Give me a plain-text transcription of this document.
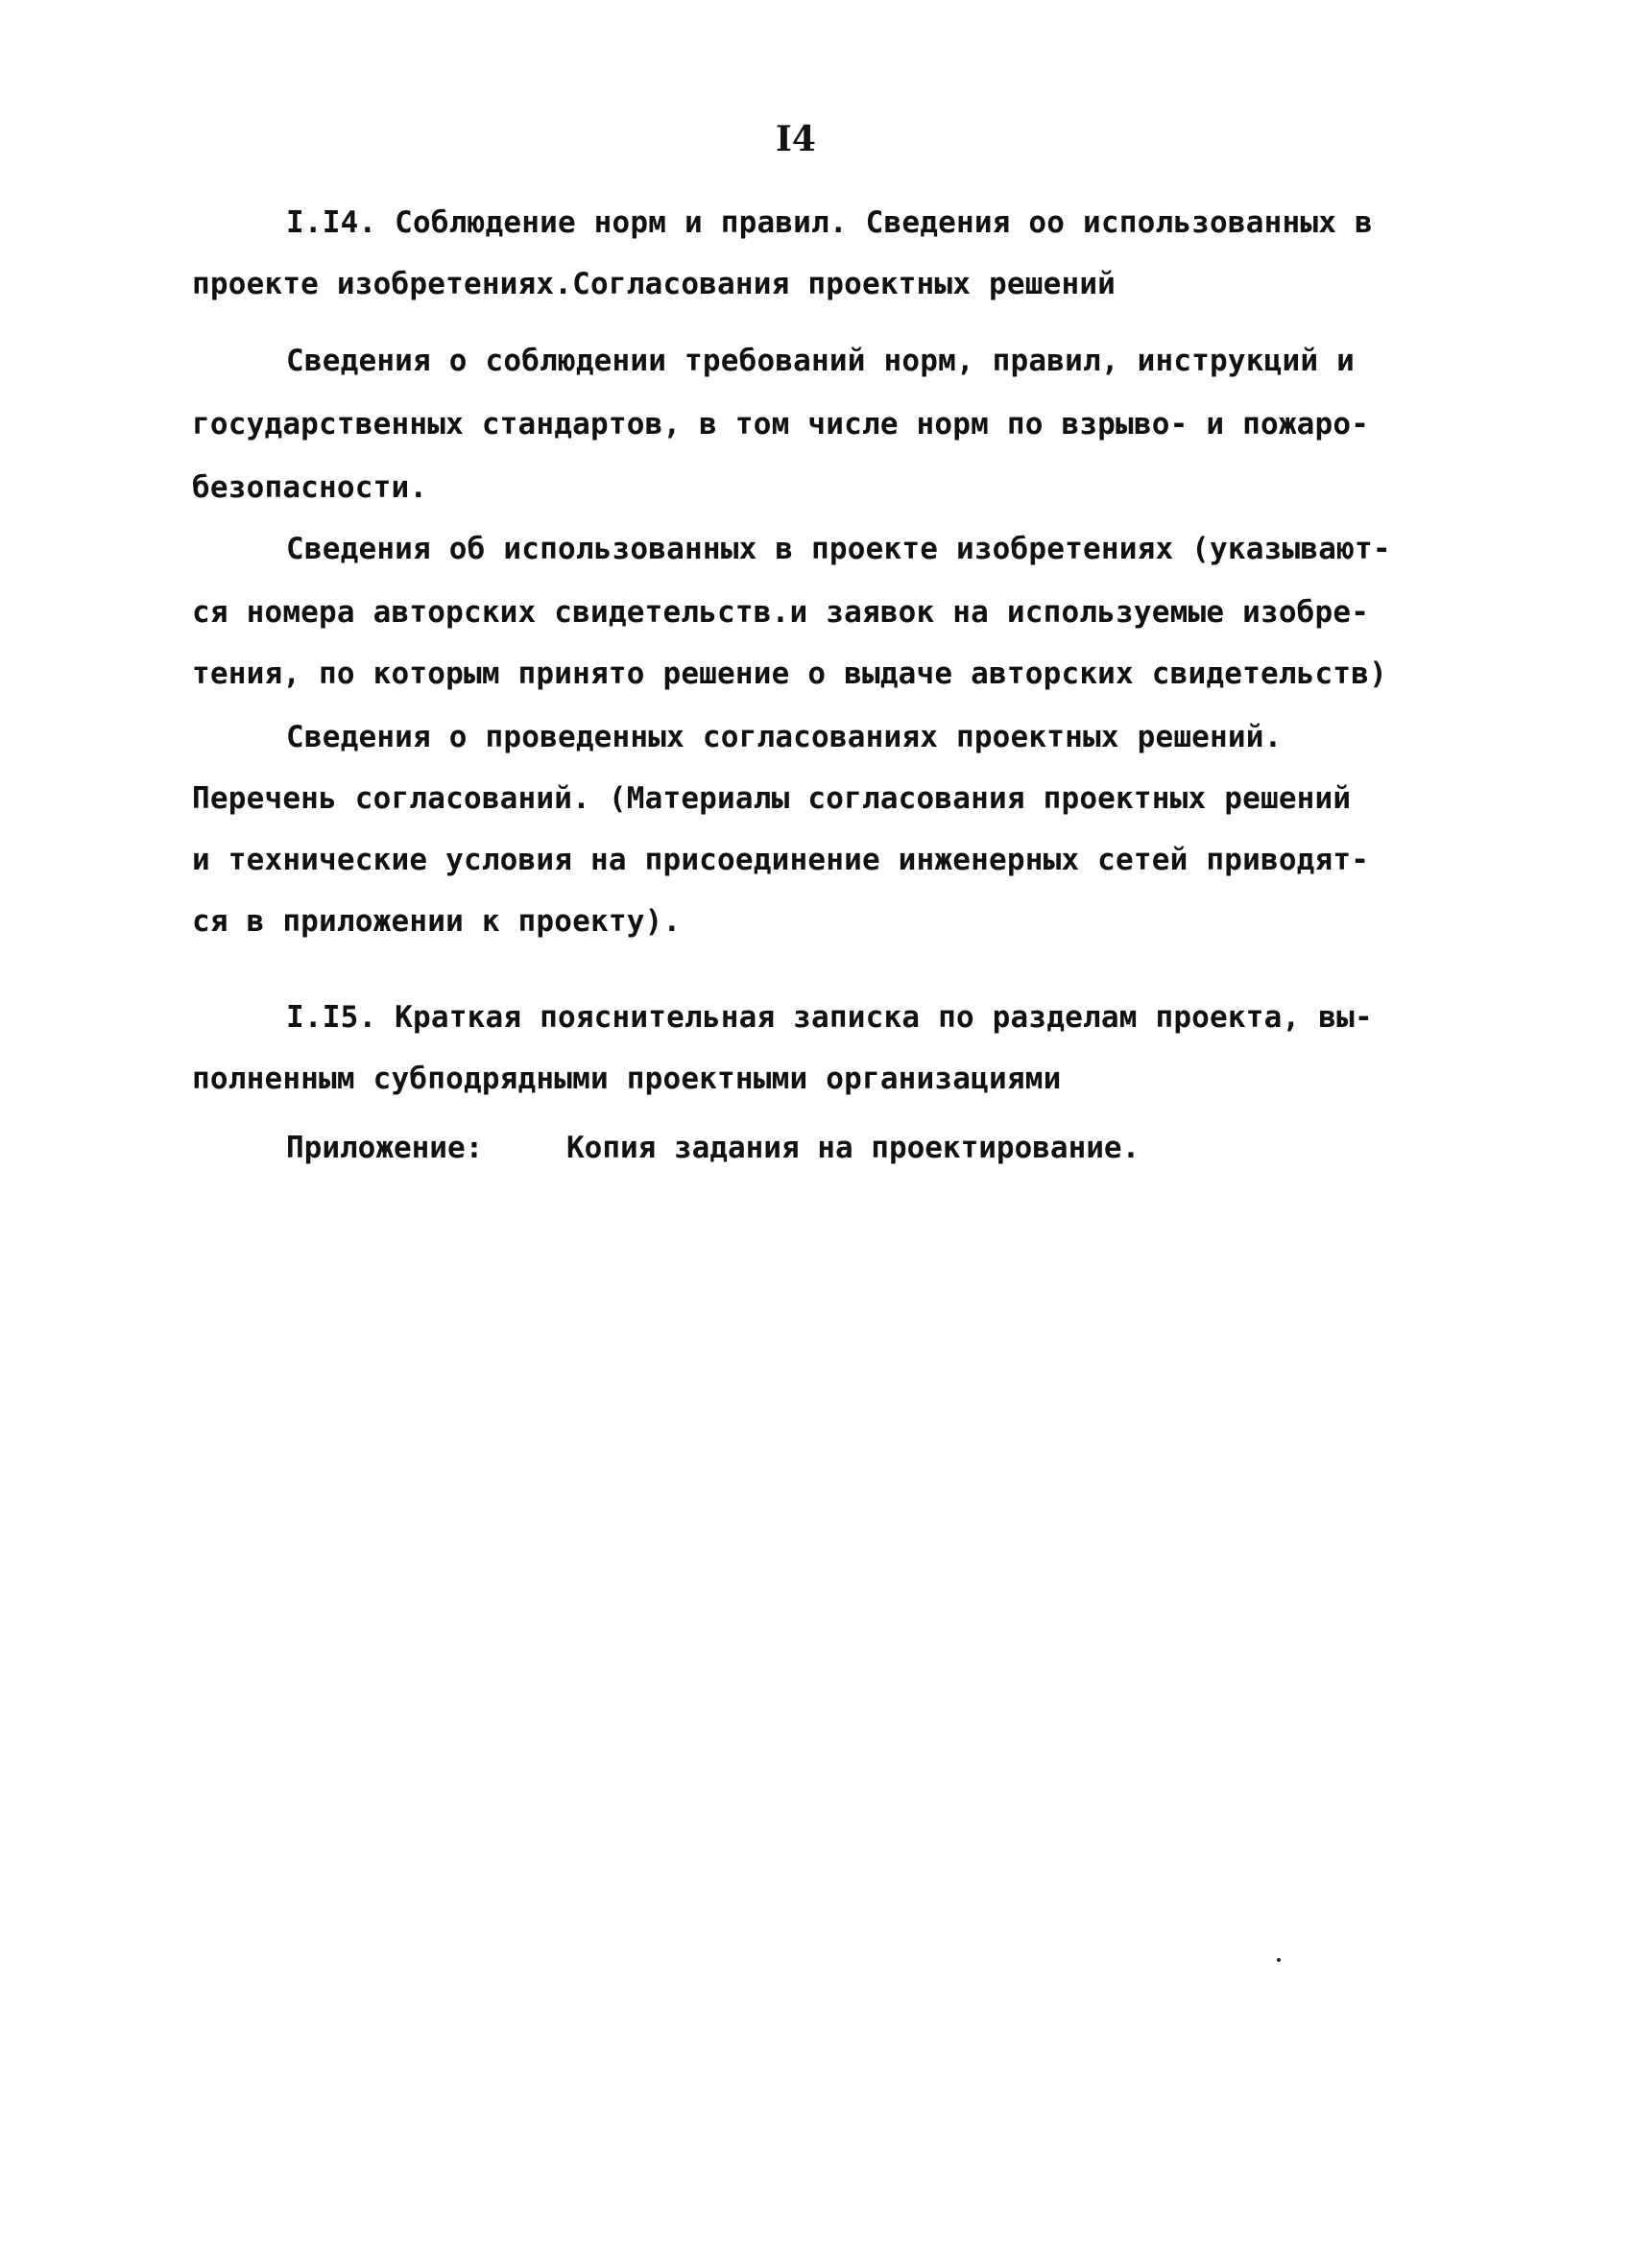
I4
I.I4. Соблюдение норм и правил. Сведения оо использованных в
проекте изобретениях.Согласования проектных решений
Сведения о соблюдении требований норм, правил, инструкций и
государственных стандартов, в том числе норм по взрыво- и пожаро-
безопасности.
Сведения об использованных в проекте изобретениях (указывают-
ся номера авторских свидетельств.и заявок на используемые изобре-
тения, по которым принято решение о выдаче авторских свидетельств)
Сведения о проведенных согласованиях проектных решений.
Перечень согласований. (Материалы согласования проектных решений
и технические условия на присоединение инженерных сетей приводят-
ся в приложении к проекту).
I.I5. Краткая пояснительная записка по разделам проекта, вы-
полненным субподрядными проектными организациями
Приложение:	Копия задания на проектирование.
